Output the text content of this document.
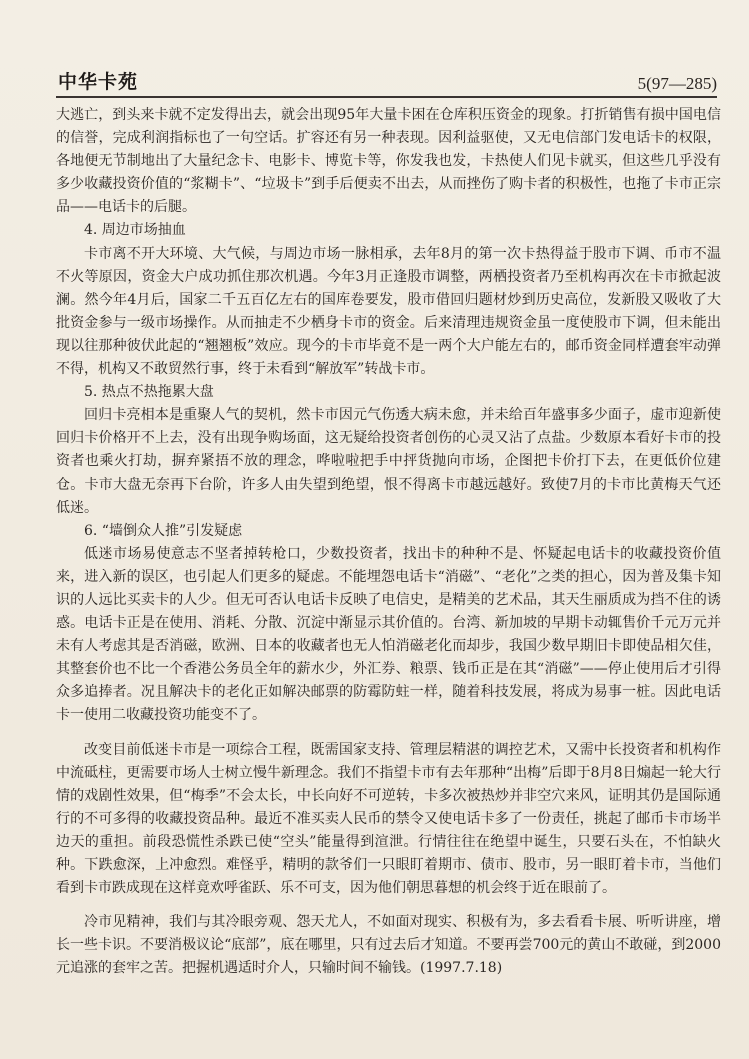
中华卡苑	5(97—285)

大逃亡，到头来卡就不定发得出去，就会出现95年大量卡困在仓库积压资金的现象。打折销售有损中国电信的信誉，完成利润指标也了一句空话。扩容还有另一种表现。因利益驱使，又无电信部门发电话卡的权限，各地便无节制地出了大量纪念卡、电影卡、博览卡等，你发我也发，卡热使人们见卡就买，但这些几乎没有多少收藏投资价值的“浆糊卡”、“垃圾卡”到手后便卖不出去，从而挫伤了购卡者的积极性，也拖了卡市正宗品——电话卡的后腿。

4. 周边市场抽血

卡市离不开大环境、大气候，与周边市场一脉相承，去年8月的第一次卡热得益于股市下调、币市不温不火等原因，资金大户成功抓住那次机遇。今年3月正逢股市调整，两栖投资者乃至机构再次在卡市掀起波澜。然今年4月后，国家二千五百亿左右的国库卷要发，股市借回归题材炒到历史高位，发新股又吸收了大批资金参与一级市场操作。从而抽走不少栖身卡市的资金。后来清理违规资金虽一度使股市下调，但未能出现以往那种彼伏此起的“翘翘板”效应。现今的卡市毕竟不是一两个大户能左右的，邮币资金同样遭套牢动弹不得，机构又不敢贸然行事，终于未看到“解放军”转战卡市。

5. 热点不热拖累大盘

回归卡亮相本是重聚人气的契机，然卡市因元气伤透大病未愈，并未给百年盛事多少面子，虚市迎新使回归卡价格开不上去，没有出现争购场面，这无疑给投资者创伤的心灵又沾了点盐。少数原本看好卡市的投资者也乘火打劫，摒弃紧捂不放的理念，哗啦啦把手中抨货抛向市场，企图把卡价打下去，在更低价位建仓。卡市大盘无奈再下台阶，许多人由失望到绝望，恨不得离卡市越远越好。致使7月的卡市比黄梅天气还低迷。

6. “墙倒众人推”引发疑虑

低迷市场易使意志不坚者掉转枪口，少数投资者，找出卡的种种不是、怀疑起电话卡的收藏投资价值来，进入新的误区，也引起人们更多的疑虑。不能埋怨电话卡“消磁”、“老化”之类的担心，因为普及集卡知识的人远比买卖卡的人少。但无可否认电话卡反映了电信史，是精美的艺术品，其天生丽质成为挡不住的诱惑。电话卡正是在使用、消耗、分散、沉淀中渐显示其价值的。台湾、新加坡的早期卡动辄售价千元万元并未有人考虑其是否消磁，欧洲、日本的收藏者也无人怕消磁老化而却步，我国少数早期旧卡即使品相欠佳，其整套价也不比一个香港公务员全年的薪水少，外汇券、粮票、钱币正是在其“消磁”——停止使用后才引得众多追捧者。况且解决卡的老化正如解决邮票的防霉防蛀一样，随着科技发展，将成为易事一桩。因此电话卡一使用二收藏投资功能变不了。

改变目前低迷卡市是一项综合工程，既需国家支持、管理层精湛的调控艺术，又需中长投资者和机构作中流砥柱，更需要市场人士树立慢牛新理念。我们不指望卡市有去年那种“出梅”后即于8月8日煽起一轮大行情的戏剧性效果，但“梅季”不会太长，中长向好不可逆转，卡多次被热炒并非空穴来风，证明其仍是国际通行的不可多得的收藏投资品种。最近不准买卖人民币的禁令又使电话卡多了一份责任，挑起了邮币卡市场半边天的重担。前段恐慌性杀跌已使“空头”能量得到渲泄。行情往往在绝望中诞生，只要石头在，不怕缺火种。下跌愈深，上冲愈烈。难怪乎，精明的款爷们一只眼盯着期市、债市、股市，另一眼盯着卡市，当他们看到卡市跌成现在这样竟欢呼雀跃、乐不可支，因为他们朝思暮想的机会终于近在眼前了。

冷市见精神，我们与其冷眼旁观、怨天尤人，不如面对现实、积极有为，多去看看卡展、听听讲座，增长一些卡识。不要消极议论“底部”，底在哪里，只有过去后才知道。不要再尝700元的黄山不敢碰，到2000元追涨的套牢之苦。把握机遇适时介人，只输时间不输钱。(1997.7.18)
